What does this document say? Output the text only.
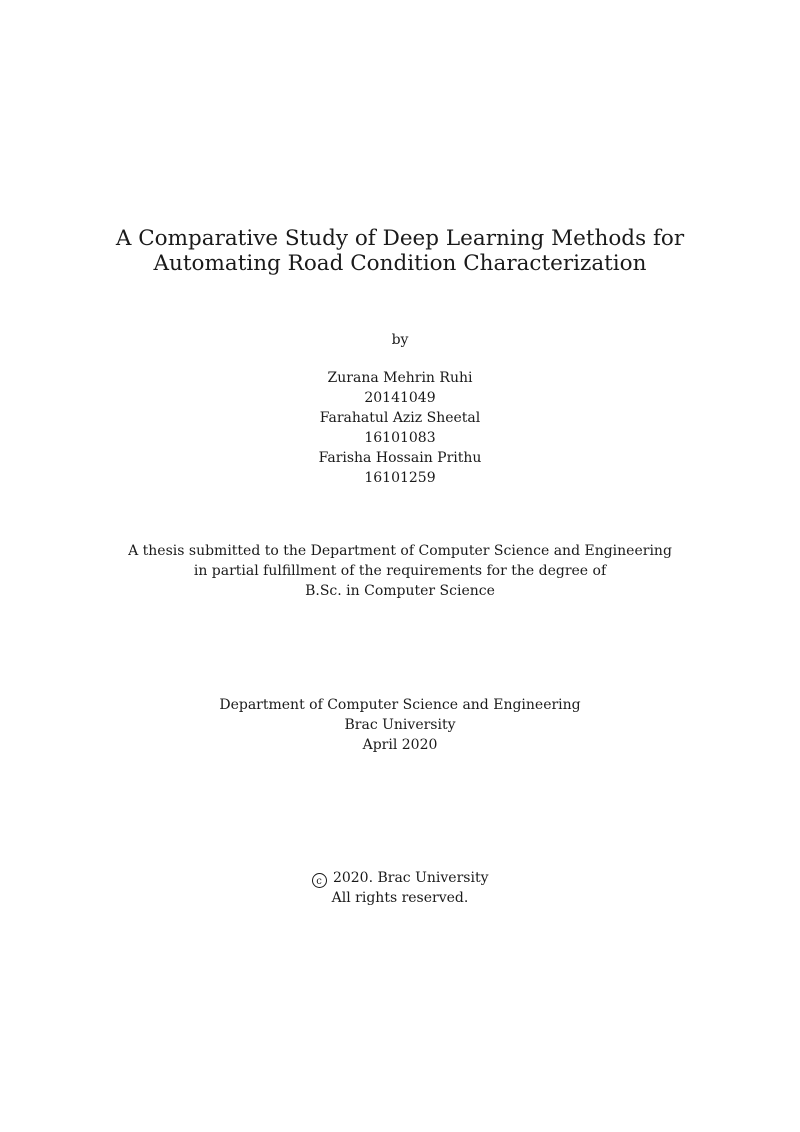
A Comparative Study of Deep Learning Methods for
Automating Road Condition Characterization
by
Zurana Mehrin Ruhi
20141049
Farahatul Aziz Sheetal
16101083
Farisha Hossain Prithu
16101259
A thesis submitted to the Department of Computer Science and Engineering
in partial fulfillment of the requirements for the degree of
B.Sc. in Computer Science
Department of Computer Science and Engineering
Brac University
April 2020
c 2020. Brac University
All rights reserved.
